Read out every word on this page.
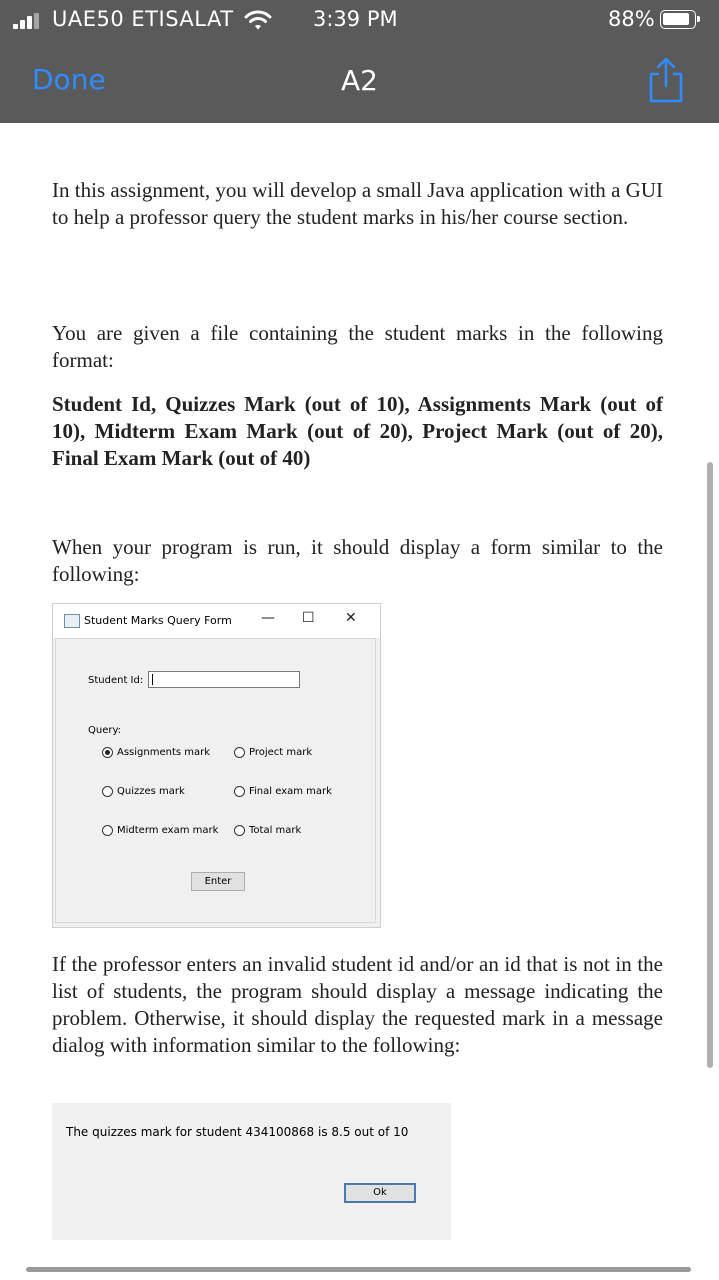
UAE50 ETISALAT	3:39 PM	88%
Done	A2
In this assignment, you will develop a small Java application with a GUI to help a professor query the student marks in his/her course section.
You are given a file containing the student marks in the following format:
Student Id, Quizzes Mark (out of 10), Assignments Mark (out of 10), Midterm Exam Mark (out of 20), Project Mark (out of 20), Final Exam Mark (out of 40)
When your program is run, it should display a form similar to the following:
Student Marks Query Form — ☐ ✕
Student Id:
Query:
Assignments mark	Project mark
Quizzes mark	Final exam mark
Midterm exam mark	Total mark
Enter
If the professor enters an invalid student id and/or an id that is not in the list of students, the program should display a message indicating the problem. Otherwise, it should display the requested mark in a message dialog with information similar to the following:
The quizzes mark for student 434100868 is 8.5 out of 10
Ok
